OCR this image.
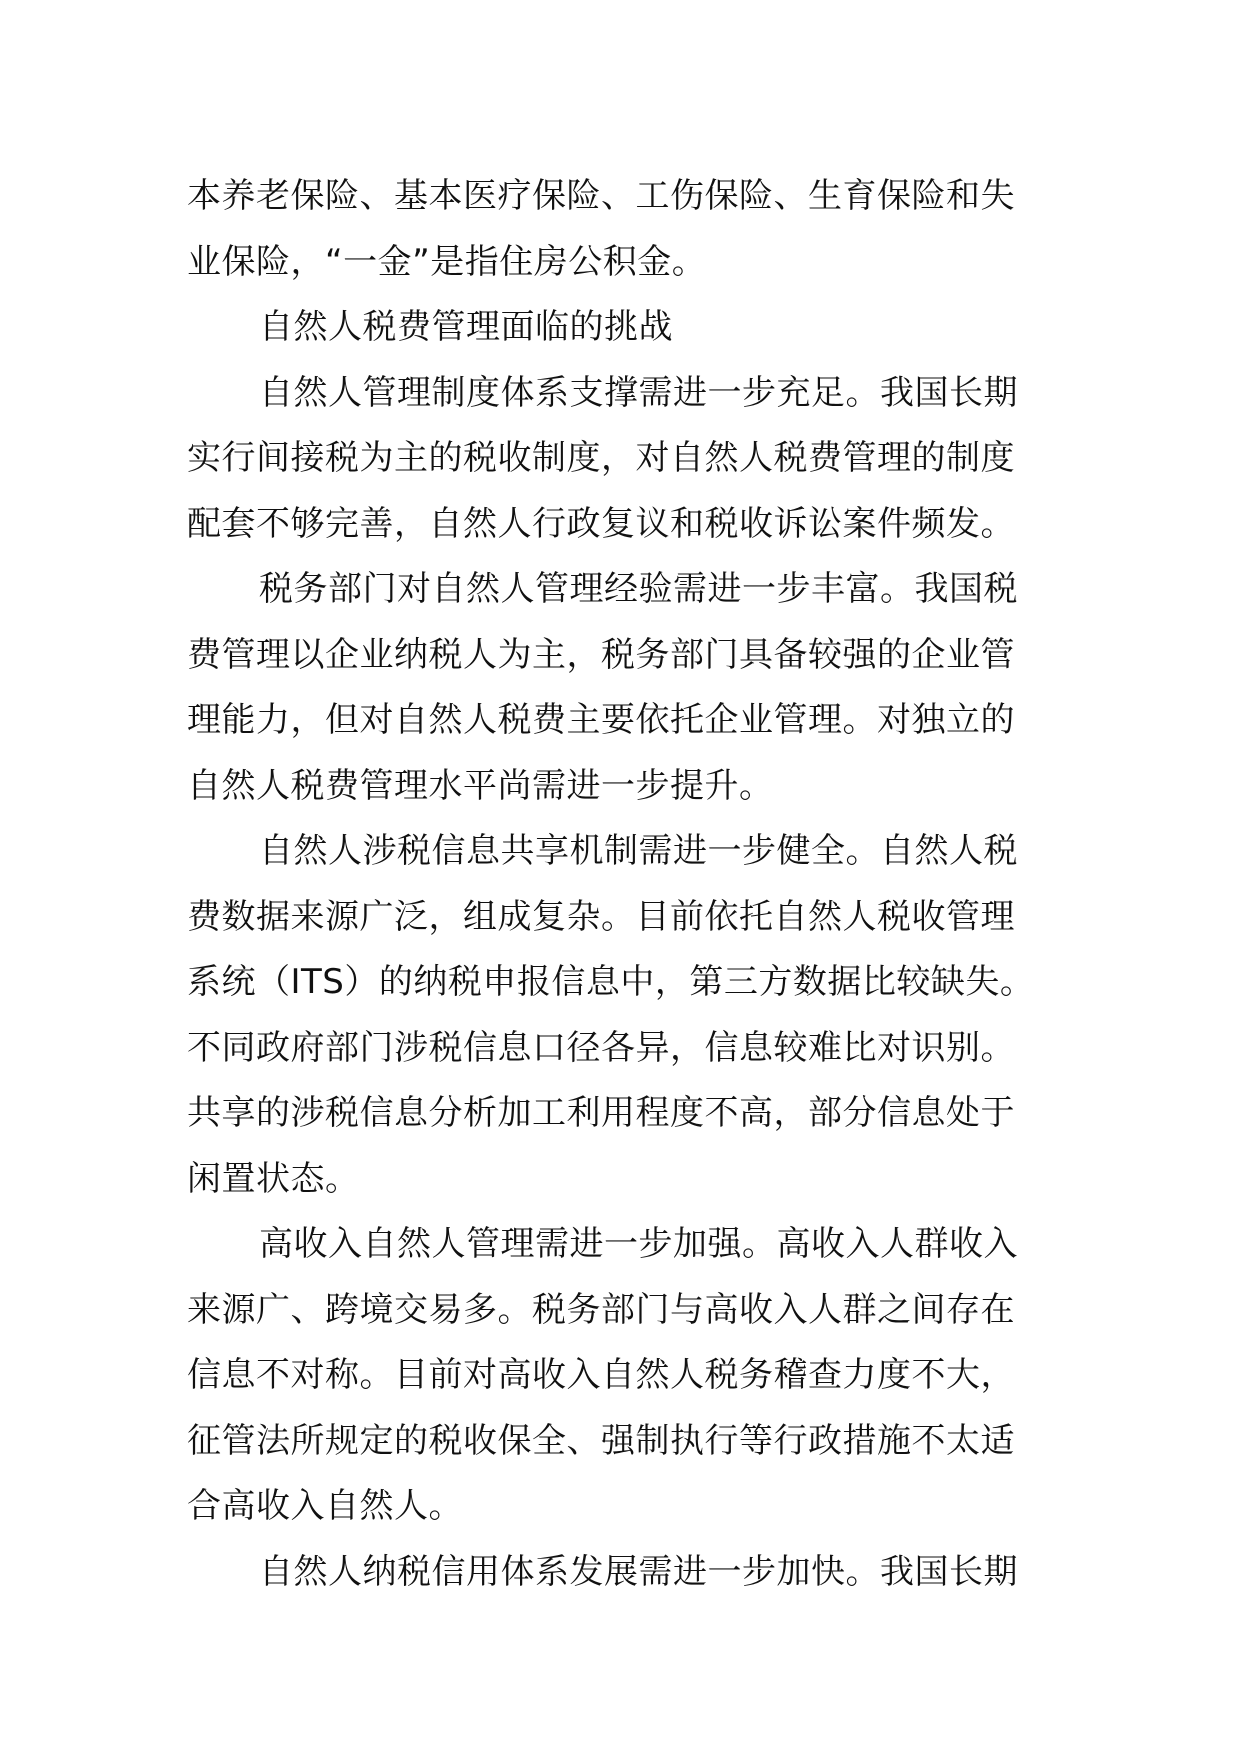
本养老保险、基本医疗保险、工伤保险、生育保险和失
业保险，“一金”是指住房公积金。
自然人税费管理面临的挑战
自然人管理制度体系支撑需进一步充足。我国长期
实行间接税为主的税收制度，对自然人税费管理的制度
配套不够完善，自然人行政复议和税收诉讼案件频发。
税务部门对自然人管理经验需进一步丰富。我国税
费管理以企业纳税人为主，税务部门具备较强的企业管
理能力，但对自然人税费主要依托企业管理。对独立的
自然人税费管理水平尚需进一步提升。
自然人涉税信息共享机制需进一步健全。自然人税
费数据来源广泛，组成复杂。目前依托自然人税收管理
系统（ITS）的纳税申报信息中，第三方数据比较缺失。
不同政府部门涉税信息口径各异，信息较难比对识别。
共享的涉税信息分析加工利用程度不高，部分信息处于
闲置状态。
高收入自然人管理需进一步加强。高收入人群收入
来源广、跨境交易多。税务部门与高收入人群之间存在
信息不对称。目前对高收入自然人税务稽查力度不大，
征管法所规定的税收保全、强制执行等行政措施不太适
合高收入自然人。
自然人纳税信用体系发展需进一步加快。我国长期
